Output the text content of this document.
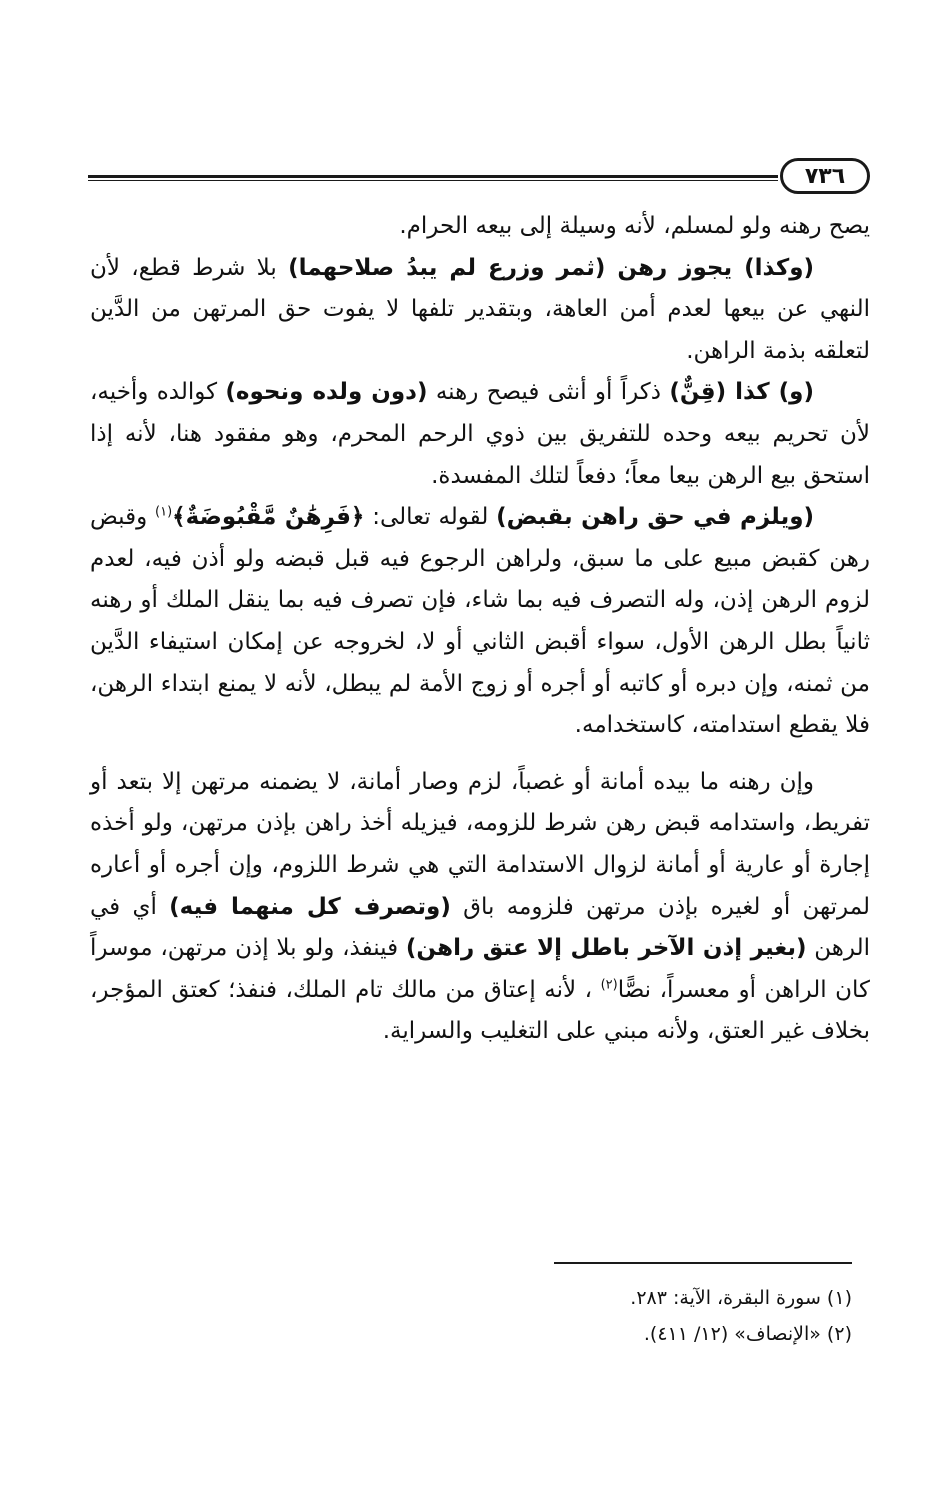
٧٣٦

يصح رهنه ولو لمسلم، لأنه وسيلة إلى بيعه الحرام.

(وكذا) يجوز رهن (ثمر وزرع لم يبدُ صلاحهما) بلا شرط قطع، لأن النهي عن بيعها لعدم أمن العاهة، وبتقدير تلفها لا يفوت حق المرتهن من الدَّين لتعلقه بذمة الراهن.

(و) كذا (قِنٌّ) ذكراً أو أنثى فيصح رهنه (دون ولده ونحوه) كوالده وأخيه، لأن تحريم بيعه وحده للتفريق بين ذوي الرحم المحرم، وهو مفقود هنا، لأنه إذا استحق بيع الرهن بيعا معاً؛ دفعاً لتلك المفسدة.

(ويلزم في حق راهن بقبض) لقوله تعالى: ﴿فَرِهَٰنٌ مَّقْبُوضَةٌ﴾$^{(١)}$ وقبض رهن كقبض مبيع على ما سبق، ولراهن الرجوع فيه قبل قبضه ولو أذن فيه، لعدم لزوم الرهن إذن، وله التصرف فيه بما شاء، فإن تصرف فيه بما ينقل الملك أو رهنه ثانياً بطل الرهن الأول، سواء أقبض الثاني أو لا، لخروجه عن إمكان استيفاء الدَّين من ثمنه، وإن دبره أو كاتبه أو أجره أو زوج الأمة لم يبطل، لأنه لا يمنع ابتداء الرهن، فلا يقطع استدامته، كاستخدامه.

وإن رهنه ما بيده أمانة أو غصباً، لزم وصار أمانة، لا يضمنه مرتهن إلا بتعد أو تفريط، واستدامه قبض رهن شرط للزومه، فيزيله أخذ راهن بإذن مرتهن، ولو أخذه إجارة أو عارية أو أمانة لزوال الاستدامة التي هي شرط اللزوم، وإن أجره أو أعاره لمرتهن أو لغيره بإذن مرتهن فلزومه باق (وتصرف كل منهما فيه) أي في الرهن (بغير إذن الآخر باطل إلا عتق راهن) فينفذ، ولو بلا إذن مرتهن، موسراً كان الراهن أو معسراً، نصًّا$^{(٢)}$ ، لأنه إعتاق من مالك تام الملك، فنفذ؛ كعتق المؤجر، بخلاف غير العتق، ولأنه مبني على التغليب والسراية.

(١) سورة البقرة، الآية: ٢٨٣.

(٢) «الإنصاف» (١٢/ ٤١١).
